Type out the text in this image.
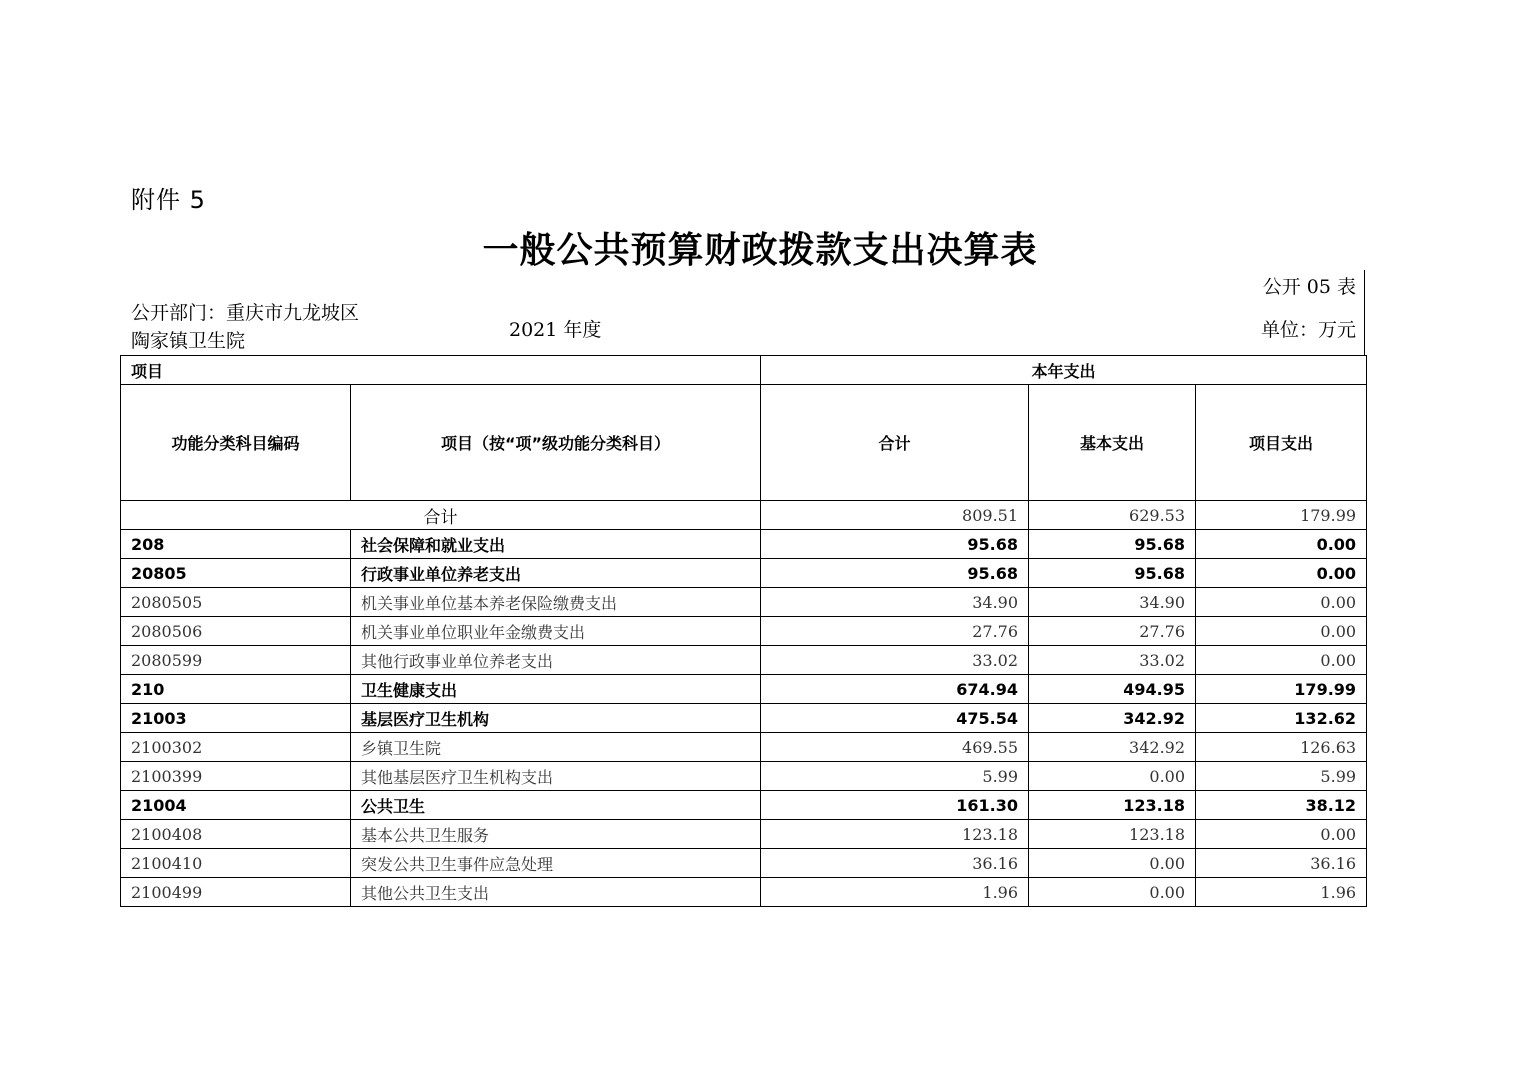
附件 5
一般公共预算财政拨款支出决算表
公开 05 表
公开部门：重庆市九龙坡区陶家镇卫生院	2021 年度	单位：万元
项目		本年支出		
功能分类科目编码	项目（按“项”级功能分类科目）	合计	基本支出	项目支出
合计		809.51	629.53	179.99
208	社会保障和就业支出	95.68	95.68	0.00
20805	行政事业单位养老支出	95.68	95.68	0.00
2080505	机关事业单位基本养老保险缴费支出	34.90	34.90	0.00
2080506	机关事业单位职业年金缴费支出	27.76	27.76	0.00
2080599	其他行政事业单位养老支出	33.02	33.02	0.00
210	卫生健康支出	674.94	494.95	179.99
21003	基层医疗卫生机构	475.54	342.92	132.62
2100302	乡镇卫生院	469.55	342.92	126.63
2100399	其他基层医疗卫生机构支出	5.99	0.00	5.99
21004	公共卫生	161.30	123.18	38.12
2100408	基本公共卫生服务	123.18	123.18	0.00
2100410	突发公共卫生事件应急处理	36.16	0.00	36.16
2100499	其他公共卫生支出	1.96	0.00	1.96
